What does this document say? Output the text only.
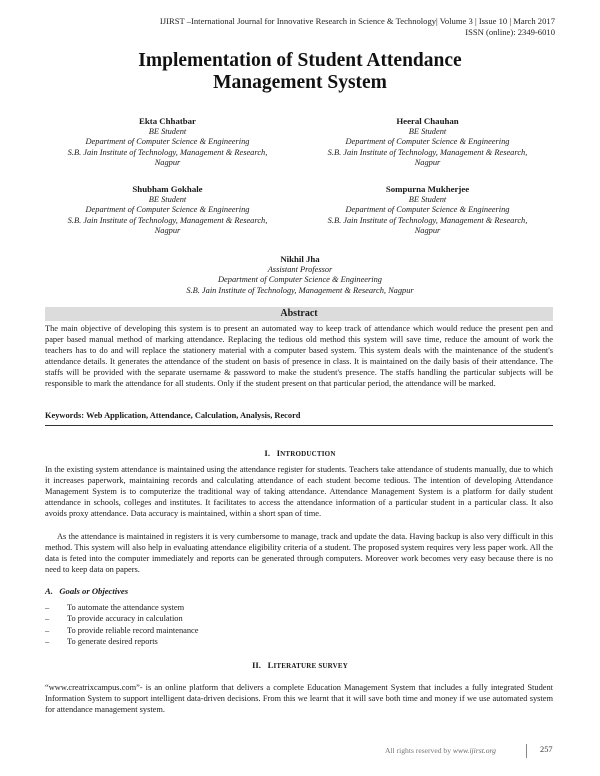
IJIRST –International Journal for Innovative Research in Science & Technology| Volume 3 | Issue 10 | March 2017
ISSN (online): 2349-6010
Implementation of Student Attendance
Management System
Ekta Chhatbar
BE Student
Department of Computer Science & Engineering
S.B. Jain Institute of Technology, Management & Research,
Nagpur
Heeral Chauhan
BE Student
Department of Computer Science & Engineering
S.B. Jain Institute of Technology, Management & Research,
Nagpur
Shubham Gokhale
BE Student
Department of Computer Science & Engineering
S.B. Jain Institute of Technology, Management & Research,
Nagpur
Sompurna Mukherjee
BE Student
Department of Computer Science & Engineering
S.B. Jain Institute of Technology, Management & Research,
Nagpur
Nikhil Jha
Assistant Professor
Department of Computer Science & Engineering
S.B. Jain Institute of Technology, Management & Research, Nagpur
Abstract

The main objective of developing this system is to present an automated way to keep track of attendance which would reduce the present pen and paper based manual method of marking attendance. Replacing the tedious old method this system will save time, reduce the amount of work the teachers has to do and will replace the stationery material with a computer based system. This system deals with the maintenance of the student's attendance details. It generates the attendance of the student on basis of presence in class. It is maintained on the daily basis of their attendance. The staffs will be provided with the separate username & password to make the student's presence. The staffs handling the particular subjects will be responsible to mark the attendance for all students. Only if the student present on that particular period, the attendance will be marked.

Keywords: Web Application, Attendance, Calculation, Analysis, Record
I. INTRODUCTION

In the existing system attendance is maintained using the attendance register for students. Teachers take attendance of students manually, due to which it increases paperwork, maintaining records and calculating attendance of each student become tedious. The intention of developing Attendance Management System is to computerize the traditional way of taking attendance. Attendance Management System is a platform for daily student attendance in schools, colleges and institutes. It facilitates to access the attendance information of a particular student in a particular class. It also avoids proxy attendance. Data accuracy is maintained, within a short span of time.

As the attendance is maintained in registers it is very cumbersome to manage, track and update the data. Having backup is also very difficult in this method. This system will also help in evaluating attendance eligibility criteria of a student. The proposed system requires very less paper work. All the data is feted into the computer immediately and reports can be generated through computers. Moreover work becomes very easy because there is no need to keep data on papers.

A. Goals or Objectives
–	To automate the attendance system
–	To provide accuracy in calculation
–	To provide reliable record maintenance
–	To generate desired reports
II. LITERATURE SURVEY

“www.creatrixcampus.com”- is an online platform that delivers a complete Education Management System that includes a fully integrated Student Information System to support intelligent data-driven decisions. From this we learnt that it will save both time and money if we use automated system for attendance management system.

All rights reserved by www.ijirst.org	257
